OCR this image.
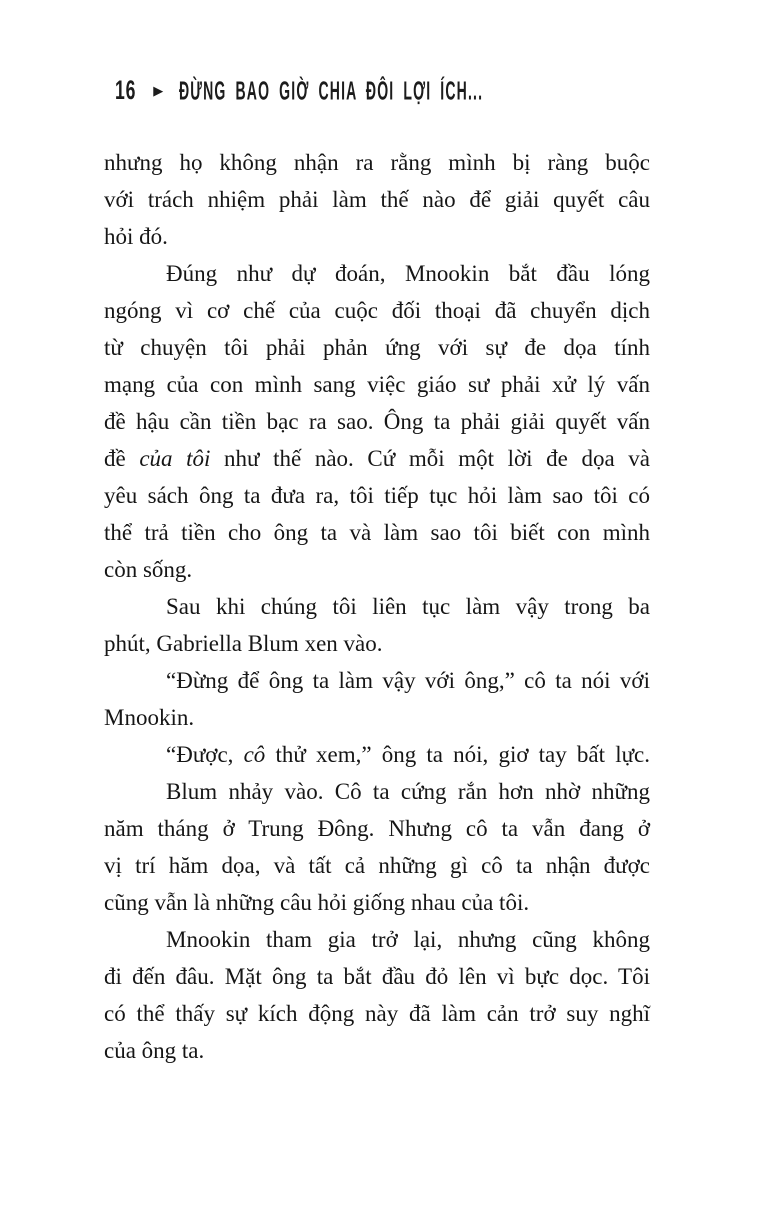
16 ▶ ĐỪNG BAO GIỜ CHIA ĐÔI LỢI ÍCH...
nhưng họ không nhận ra rằng mình bị ràng buộc
với trách nhiệm phải làm thế nào để giải quyết câu
hỏi đó.
Đúng như dự đoán, Mnookin bắt đầu lóng
ngóng vì cơ chế của cuộc đối thoại đã chuyển dịch
từ chuyện tôi phải phản ứng với sự đe dọa tính
mạng của con mình sang việc giáo sư phải xử lý vấn
đề hậu cần tiền bạc ra sao. Ông ta phải giải quyết vấn
đề của tôi như thế nào. Cứ mỗi một lời đe dọa và
yêu sách ông ta đưa ra, tôi tiếp tục hỏi làm sao tôi có
thể trả tiền cho ông ta và làm sao tôi biết con mình
còn sống.
Sau khi chúng tôi liên tục làm vậy trong ba
phút, Gabriella Blum xen vào.
“Đừng để ông ta làm vậy với ông,” cô ta nói với
Mnookin.
“Được, cô thử xem,” ông ta nói, giơ tay bất lực.
Blum nhảy vào. Cô ta cứng rắn hơn nhờ những
năm tháng ở Trung Đông. Nhưng cô ta vẫn đang ở
vị trí hăm dọa, và tất cả những gì cô ta nhận được
cũng vẫn là những câu hỏi giống nhau của tôi.
Mnookin tham gia trở lại, nhưng cũng không
đi đến đâu. Mặt ông ta bắt đầu đỏ lên vì bực dọc. Tôi
có thể thấy sự kích động này đã làm cản trở suy nghĩ
của ông ta.
